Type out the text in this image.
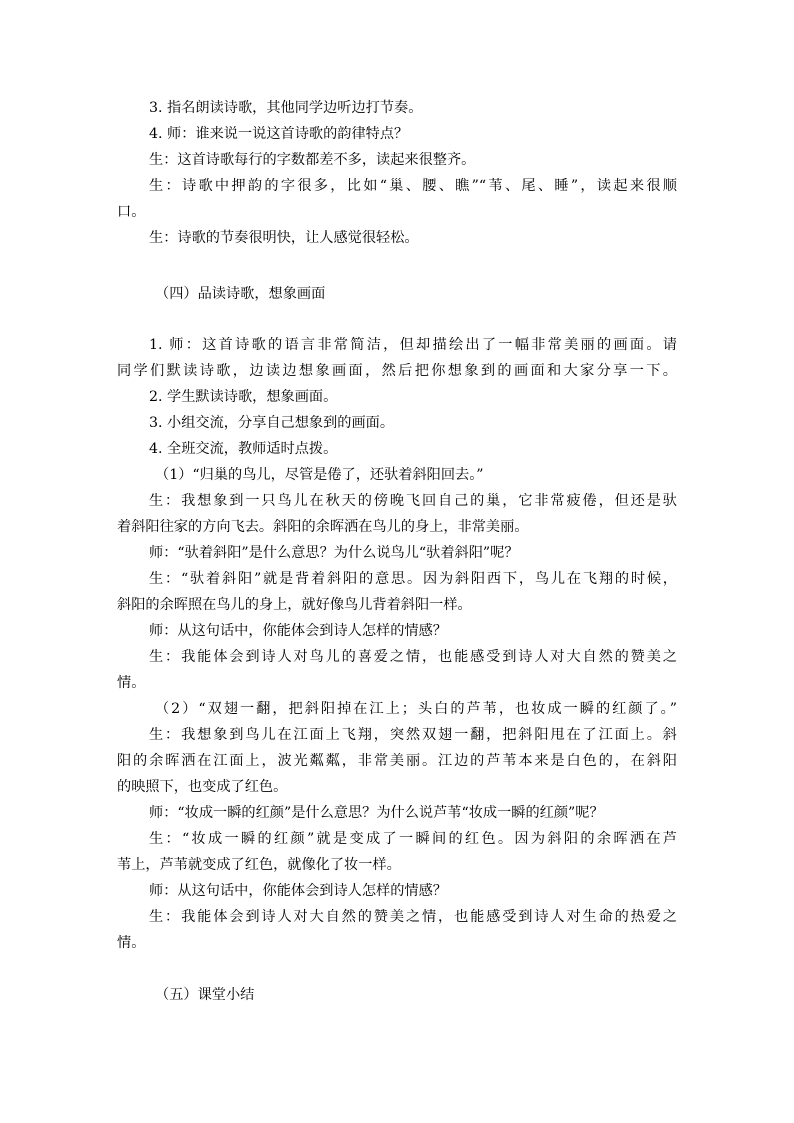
3. 指名朗读诗歌，其他同学边听边打节奏。

4. 师：谁来说一说这首诗歌的韵律特点？

生：这首诗歌每行的字数都差不多，读起来很整齐。

生：诗歌中押韵的字很多，比如“巢、腰、瞧”“苇、尾、睡”，读起来很顺

口。

生：诗歌的节奏很明快，让人感觉很轻松。

（四）品读诗歌，想象画面

1. 师：这首诗歌的语言非常简洁，但却描绘出了一幅非常美丽的画面。请

同学们默读诗歌，边读边想象画面，然后把你想象到的画面和大家分享一下。

2. 学生默读诗歌，想象画面。

3. 小组交流，分享自己想象到的画面。

4. 全班交流，教师适时点拨。

（1）“归巢的鸟儿，尽管是倦了，还驮着斜阳回去。”

生：我想象到一只鸟儿在秋天的傍晚飞回自己的巢，它非常疲倦，但还是驮

着斜阳往家的方向飞去。斜阳的余晖洒在鸟儿的身上，非常美丽。

师：“驮着斜阳”是什么意思？为什么说鸟儿“驮着斜阳”呢？

生：“驮着斜阳”就是背着斜阳的意思。因为斜阳西下，鸟儿在飞翔的时候，

斜阳的余晖照在鸟儿的身上，就好像鸟儿背着斜阳一样。

师：从这句话中，你能体会到诗人怎样的情感？

生：我能体会到诗人对鸟儿的喜爱之情，也能感受到诗人对大自然的赞美之

情。

（2）“双翅一翻，把斜阳掉在江上；头白的芦苇，也妆成一瞬的红颜了。”

生：我想象到鸟儿在江面上飞翔，突然双翅一翻，把斜阳甩在了江面上。斜

阳的余晖洒在江面上，波光粼粼，非常美丽。江边的芦苇本来是白色的，在斜阳

的映照下，也变成了红色。

师：“妆成一瞬的红颜”是什么意思？为什么说芦苇“妆成一瞬的红颜”呢？

生：“妆成一瞬的红颜”就是变成了一瞬间的红色。因为斜阳的余晖洒在芦

苇上，芦苇就变成了红色，就像化了妆一样。

师：从这句话中，你能体会到诗人怎样的情感？

生：我能体会到诗人对大自然的赞美之情，也能感受到诗人对生命的热爱之

情。

（五）课堂小结
